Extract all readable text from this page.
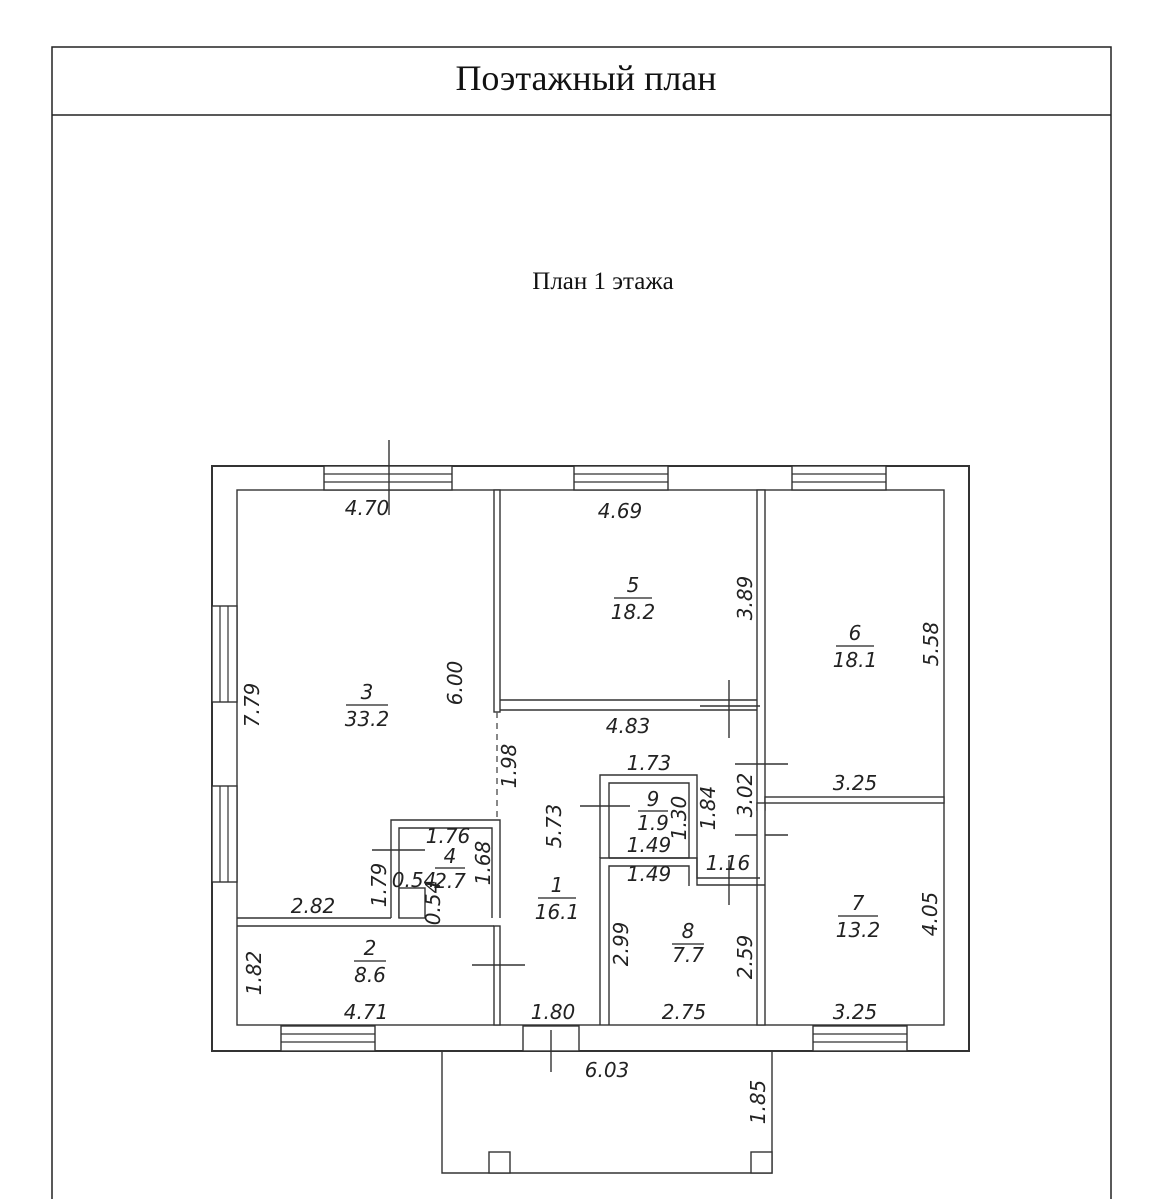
Поэтажный план
План 1 этажа
1
16.1
2
8.6
3
33.2
4
2.7
5
18.2
6
18.1
7
13.2
8
7.7
9
1.9
4.70	4.69
4.83
1.73
3.25
1.76	1.49
1.49 1.16
0.54
2.82
4.71	1.80	2.75	3.25
6.03
7.79	6.00
3.89
5.58
1.98
5.73	1.30 1.84 3.02
1.79	1.68
0.54
1.82
2.99	2.59
4.05
1.85
